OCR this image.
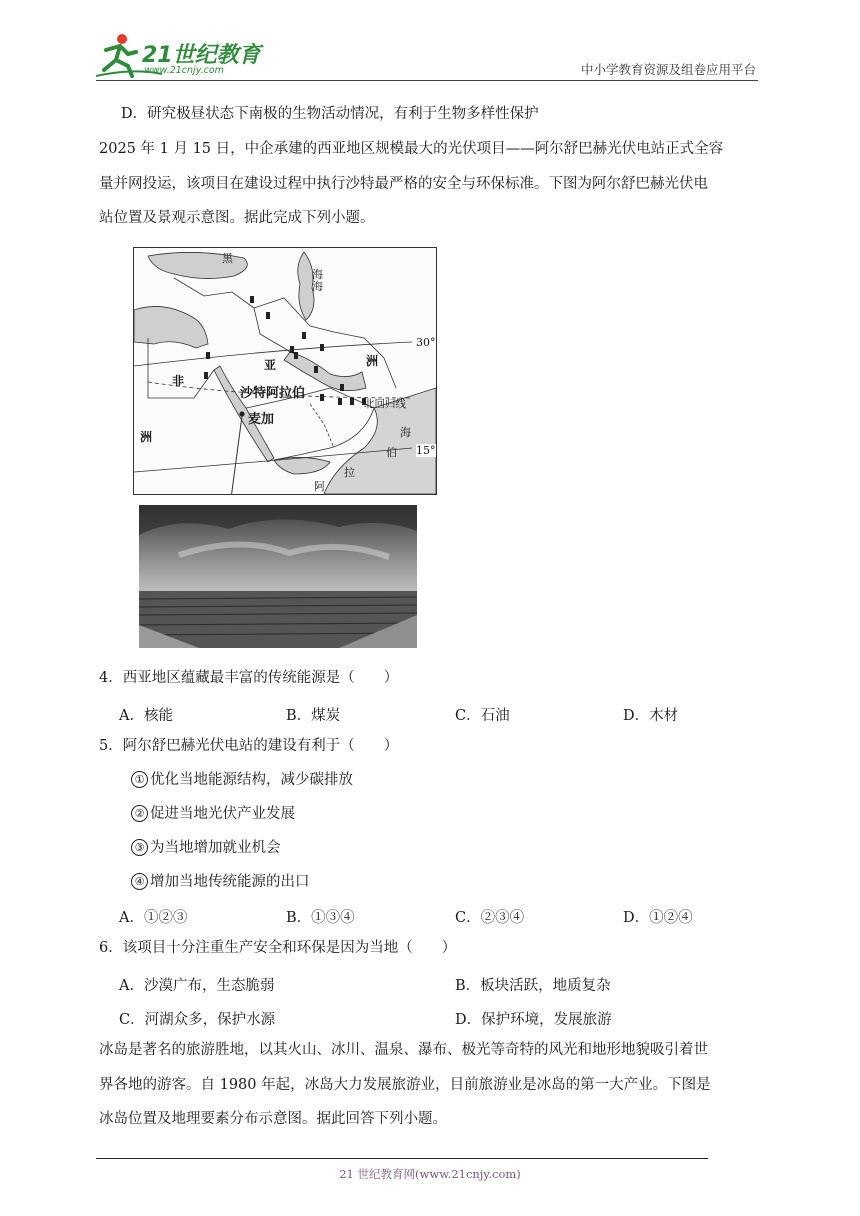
21世纪教育
www.21cnjy.com	中小学教育资源及组卷应用平台
D．研究极昼状态下南极的生物活动情况，有利于生物多样性保护
2025 年 1 月 15 日，中企承建的西亚地区规模最大的光伏项目——阿尔舒巴赫光伏电站正式全容
量并网投运，该项目在建设过程中执行沙特最严格的安全与环保标准。下图为阿尔舒巴赫光伏电
站位置及景观示意图。据此完成下列小题。
黑
海
海
亚	洲
非
洲
沙特阿拉伯
麦加
北回归线
海
伯
拉
阿
30°
15°
4．西亚地区蕴藏最丰富的传统能源是（　　）
A．核能	B．煤炭	C．石油	D．木材
5．阿尔舒巴赫光伏电站的建设有利于（　　）
① 优化当地能源结构，减少碳排放
② 促进当地光伏产业发展
③ 为当地增加就业机会
④ 增加当地传统能源的出口
A．①②③	B．①③④	C．②③④	D．①②④
6．该项目十分注重生产安全和环保是因为当地（　　）
A．沙漠广布，生态脆弱	B．板块活跃，地质复杂
C．河湖众多，保护水源	D．保护环境，发展旅游
冰岛是著名的旅游胜地，以其火山、冰川、温泉、瀑布、极光等奇特的风光和地形地貌吸引着世
界各地的游客。自 1980 年起，冰岛大力发展旅游业，目前旅游业是冰岛的第一大产业。下图是
冰岛位置及地理要素分布示意图。据此回答下列小题。
21 世纪教育网(www.21cnjy.com)
